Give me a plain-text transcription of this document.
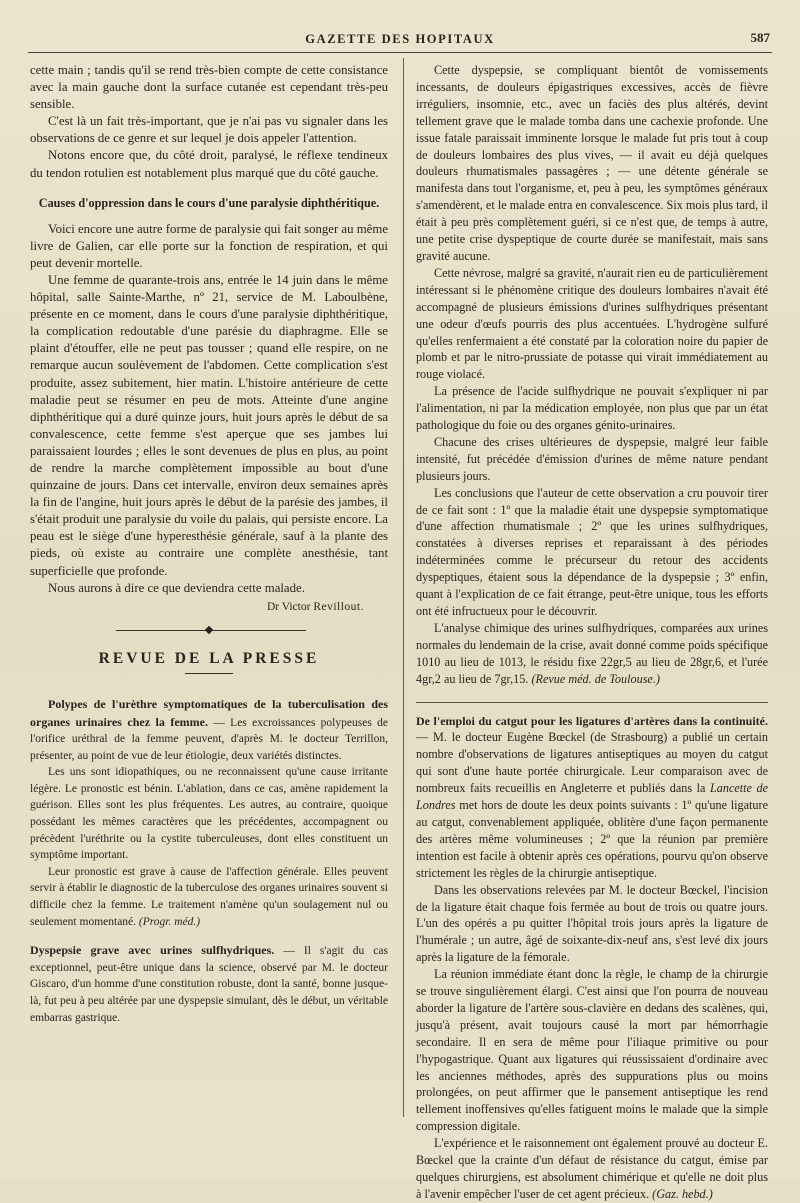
GAZETTE DES HOPITAUX	587

cette main ; tandis qu'il se rend très-bien compte de cette consistance avec la main gauche dont la surface cutanée est cependant très-peu sensible.

C'est là un fait très-important, que je n'ai pas vu signaler dans les observations de ce genre et sur lequel je dois appeler l'attention.

Notons encore que, du côté droit, paralysé, le réflexe tendineux du tendon rotulien est notablement plus marqué que du côté gauche.

Causes d'oppression dans le cours d'une paralysie diphthéritique.

Voici encore une autre forme de paralysie qui fait songer au même livre de Galien, car elle porte sur la fonction de respiration, et qui peut devenir mortelle.

Une femme de quarante-trois ans, entrée le 14 juin dans le même hôpital, salle Sainte-Marthe, nº 21, service de M. Laboulbène, présente en ce moment, dans le cours d'une paralysie diphthéritique, la complication redoutable d'une parésie du diaphragme. Elle se plaint d'étouffer, elle ne peut pas tousser ; quand elle respire, on ne remarque aucun soulèvement de l'abdomen. Cette complication s'est produite, assez subitement, hier matin. L'histoire antérieure de cette maladie peut se résumer en peu de mots. Atteinte d'une angine diphthéritique qui a duré quinze jours, huit jours après le début de sa convalescence, cette femme s'est aperçue que ses jambes lui paraissaient lourdes ; elles le sont devenues de plus en plus, au point de rendre la marche complètement impossible au bout d'une quinzaine de jours. Dans cet intervalle, environ deux semaines après la fin de l'angine, huit jours après le début de la parésie des jambes, il s'était produit une paralysie du voile du palais, qui persiste encore. La peau est le siège d'une hyperesthésie générale, sauf à la plante des pieds, où existe au contraire une complète anesthésie, tant superficielle que profonde.

Nous aurons à dire ce que deviendra cette malade.

Dr Victor Revillout.
REVUE DE LA PRESSE

Polypes de l'urèthre symptomatiques de la tuberculisation des organes urinaires chez la femme. — Les excroissances polypeuses de l'orifice uréthral de la femme peuvent, d'après M. le docteur Terrillon, présenter, au point de vue de leur étiologie, deux variétés distinctes.

Les uns sont idiopathiques, ou ne reconnaissent qu'une cause irritante légère. Le pronostic est bénin. L'ablation, dans ce cas, amène rapidement la guérison. Elles sont les plus fréquentes. Les autres, au contraire, quoique possédant les mêmes caractères que les précédentes, accompagnent ou précèdent l'uréthrite ou la cystite tuberculeuses, dont elles constituent un symptôme important.

Leur pronostic est grave à cause de l'affection générale. Elles peuvent servir à établir le diagnostic de la tuberculose des organes urinaires souvent si difficile chez la femme. Le traitement n'amène qu'un soulagement nul ou seulement momentané. (Progr. méd.)

Dyspepsie grave avec urines sulfhydriques. — Il s'agit du cas exceptionnel, peut-être unique dans la science, observé par M. le docteur Giscaro, d'un homme d'une constitution robuste, dont la santé, bonne jusque-là, fut peu à peu altérée par une dyspepsie simulant, dès le début, un véritable embarras gastrique.

Cette dyspepsie, se compliquant bientôt de vomissements incessants, de douleurs épigastriques excessives, accès de fièvre irréguliers, insomnie, etc., avec un faciès des plus altérés, devint tellement grave que le malade tomba dans une cachexie profonde. Une issue fatale paraissait imminente lorsque le malade fut pris tout à coup de douleurs lombaires des plus vives, — il avait eu déjà quelques douleurs rhumatismales passagères ; — une détente générale se manifesta dans tout l'organisme, et, peu à peu, les symptômes généraux s'amendèrent, et le malade entra en convalescence. Six mois plus tard, il était à peu près complètement guéri, si ce n'est que, de temps à autre, une petite crise dyspeptique de courte durée se manifestait, mais sans gravité aucune.

Cette névrose, malgré sa gravité, n'aurait rien eu de particulièrement intéressant si le phénomène critique des douleurs lombaires n'avait été accompagné de plusieurs émissions d'urines sulfhydriques présentant une odeur d'œufs pourris des plus accentuées. L'hydrogène sulfuré qu'elles renfermaient a été constaté par la coloration noire du papier de plomb et par le nitro-prussiate de potasse qui virait immédiatement au rouge violacé.

La présence de l'acide sulfhydrique ne pouvait s'expliquer ni par l'alimentation, ni par la médication employée, non plus que par un état pathologique du foie ou des organes génito-urinaires.

Chacune des crises ultérieures de dyspepsie, malgré leur faible intensité, fut précédée d'émission d'urines de même nature pendant plusieurs jours.

Les conclusions que l'auteur de cette observation a cru pouvoir tirer de ce fait sont : 1º que la maladie était une dyspepsie symptomatique d'une affection rhumatismale ; 2º que les urines sulfhydriques, constatées à diverses reprises et reparaissant à des périodes indéterminées comme le précurseur du retour des accidents dyspeptiques, étaient sous la dépendance de la dyspepsie ; 3º enfin, quant à l'explication de ce fait étrange, peut-être unique, tous les efforts ont été infructueux pour le découvrir.

L'analyse chimique des urines sulfhydriques, comparées aux urines normales du lendemain de la crise, avait donné comme poids spécifique 1010 au lieu de 1013, le résidu fixe 22gr,5 au lieu de 28gr,6, et l'urée 4gr,2 au lieu de 7gr,15. (Revue méd. de Toulouse.)

De l'emploi du catgut pour les ligatures d'artères dans la continuité. — M. le docteur Eugène Bœckel (de Strasbourg) a publié un certain nombre d'observations de ligatures antiseptiques au moyen du catgut qui sont d'une haute portée chirurgicale. Leur comparaison avec de nombreux faits recueillis en Angleterre et publiés dans la Lancette de Londres met hors de doute les deux points suivants : 1º qu'une ligature au catgut, convenablement appliquée, oblitère d'une façon permanente des artères même volumineuses ; 2º que la réunion par première intention est facile à obtenir après ces opérations, pourvu qu'on observe strictement les règles de la chirurgie antiseptique.

Dans les observations relevées par M. le docteur Bœckel, l'incision de la ligature était chaque fois fermée au bout de trois ou quatre jours. L'un des opérés a pu quitter l'hôpital trois jours après la ligature de l'humérale ; un autre, âgé de soixante-dix-neuf ans, s'est levé dix jours après la ligature de la fémorale.

La réunion immédiate étant donc la règle, le champ de la chirurgie se trouve singulièrement élargi. C'est ainsi que l'on pourra de nouveau aborder la ligature de l'artère sous-clavière en dedans des scalènes, qui, jusqu'à présent, avait toujours causé la mort par hémorrhagie secondaire. Il en sera de même pour l'iliaque primitive ou pour l'hypogastrique. Quant aux ligatures qui réussissaient d'ordinaire avec les anciennes méthodes, après des suppurations plus ou moins prolongées, on peut affirmer que le pansement antiseptique les rend tellement inoffensives qu'elles fatiguent moins le malade que la simple compression digitale.

L'expérience et le raisonnement ont également prouvé au docteur E. Bœckel que la crainte d'un défaut de résistance du catgut, émise par quelques chirurgiens, est absolument chimérique et qu'elle ne doit plus à l'avenir empêcher l'user de cet agent précieux. (Gaz. hebd.)
